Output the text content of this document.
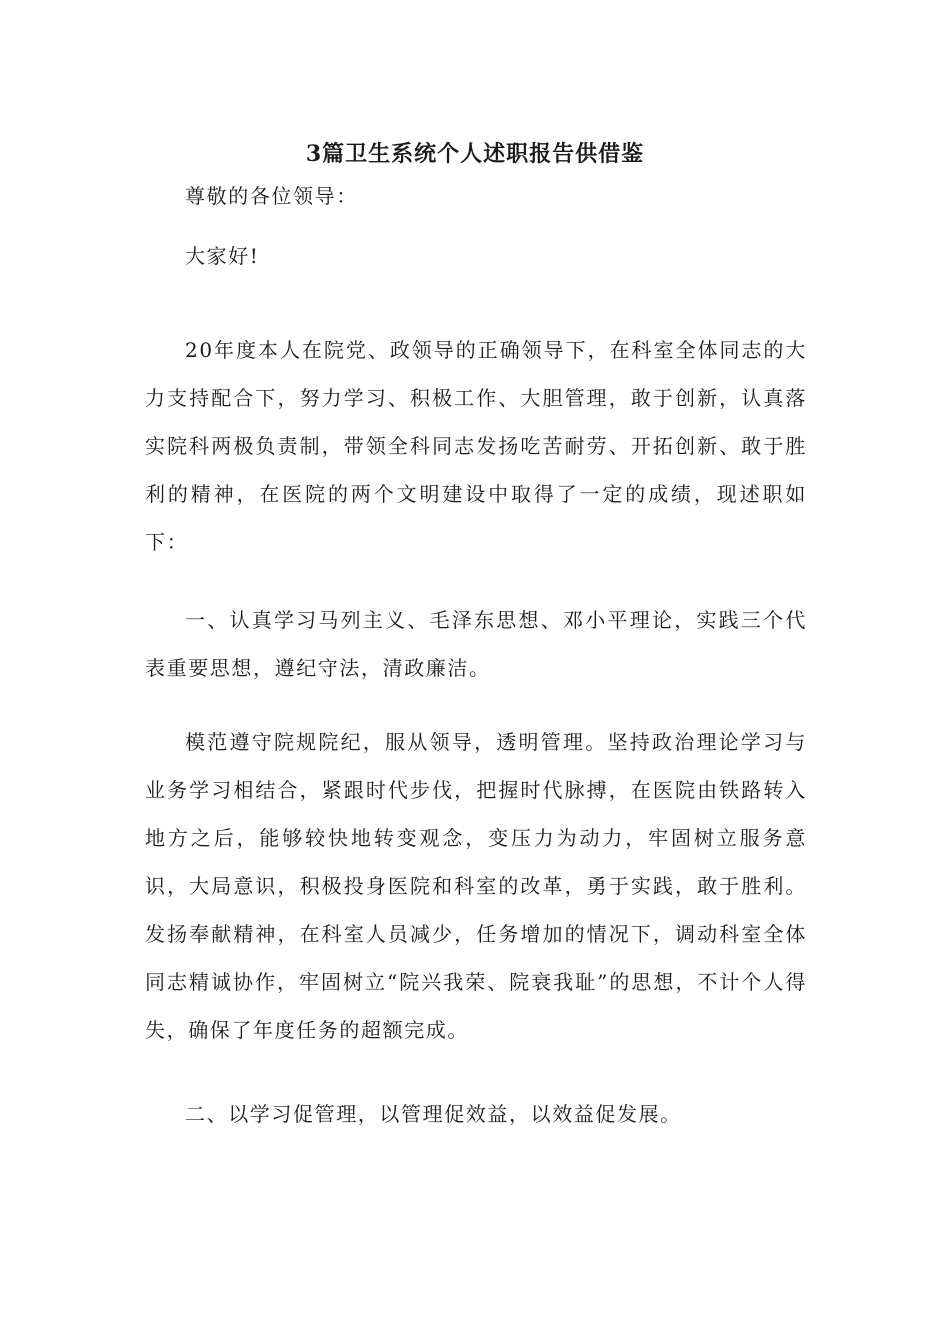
3篇卫生系统个人述职报告供借鉴

尊敬的各位领导：

大家好!

20年度本人在院党、政领导的正确领导下，在科室全体同志的大力支持配合下，努力学习、积极工作、大胆管理，敢于创新，认真落实院科两极负责制，带领全科同志发扬吃苦耐劳、开拓创新、敢于胜利的精神，在医院的两个文明建设中取得了一定的成绩，现述职如下：

一、认真学习马列主义、毛泽东思想、邓小平理论，实践三个代表重要思想，遵纪守法，清政廉洁。

模范遵守院规院纪，服从领导，透明管理。坚持政治理论学习与业务学习相结合，紧跟时代步伐，把握时代脉搏，在医院由铁路转入地方之后，能够较快地转变观念，变压力为动力，牢固树立服务意识，大局意识，积极投身医院和科室的改革，勇于实践，敢于胜利。发扬奉献精神，在科室人员减少，任务增加的情况下，调动科室全体同志精诚协作，牢固树立“院兴我荣、院衰我耻”的思想，不计个人得失，确保了年度任务的超额完成。

二、以学习促管理，以管理促效益，以效益促发展。
